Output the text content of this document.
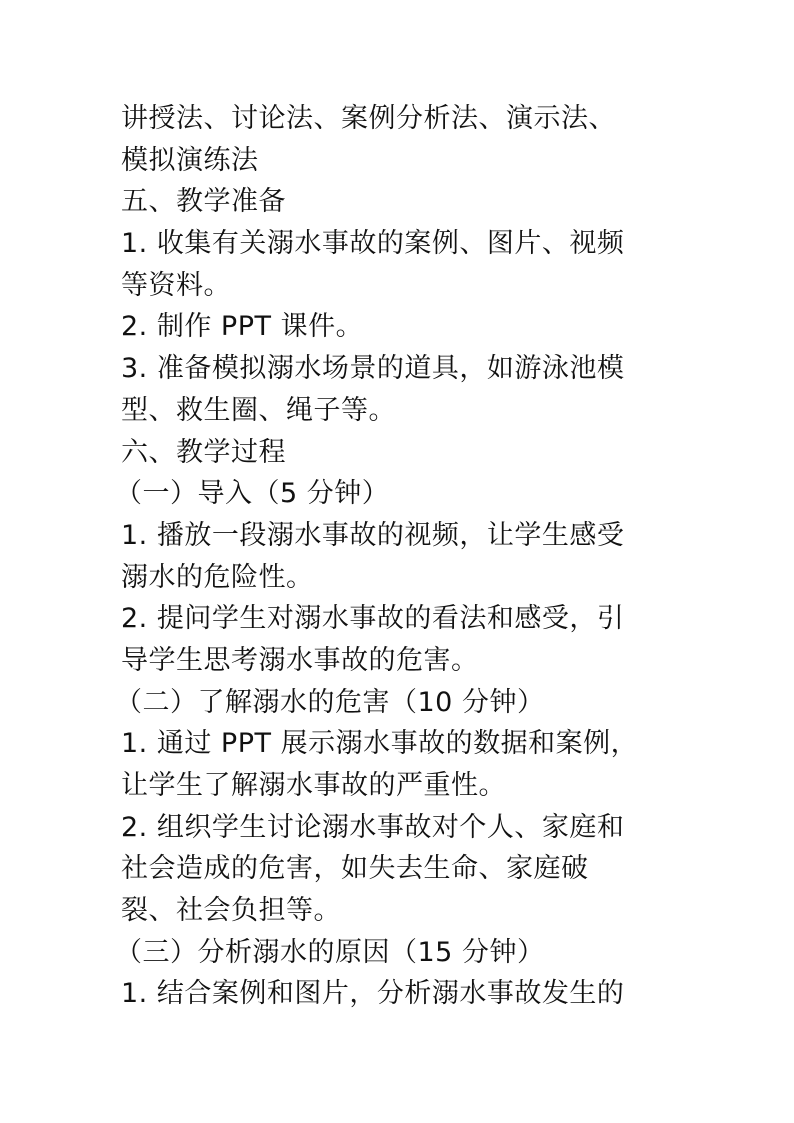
讲授法、讨论法、案例分析法、演示法、
模拟演练法
五、教学准备
1. 收集有关溺水事故的案例、图片、视频
等资料。
2. 制作 PPT 课件。
3. 准备模拟溺水场景的道具，如游泳池模
型、救生圈、绳子等。
六、教学过程
（一）导入（5 分钟）
1. 播放一段溺水事故的视频，让学生感受
溺水的危险性。
2. 提问学生对溺水事故的看法和感受，引
导学生思考溺水事故的危害。
（二）了解溺水的危害（10 分钟）
1. 通过 PPT 展示溺水事故的数据和案例，
让学生了解溺水事故的严重性。
2. 组织学生讨论溺水事故对个人、家庭和
社会造成的危害，如失去生命、家庭破
裂、社会负担等。
（三）分析溺水的原因（15 分钟）
1. 结合案例和图片，分析溺水事故发生的
